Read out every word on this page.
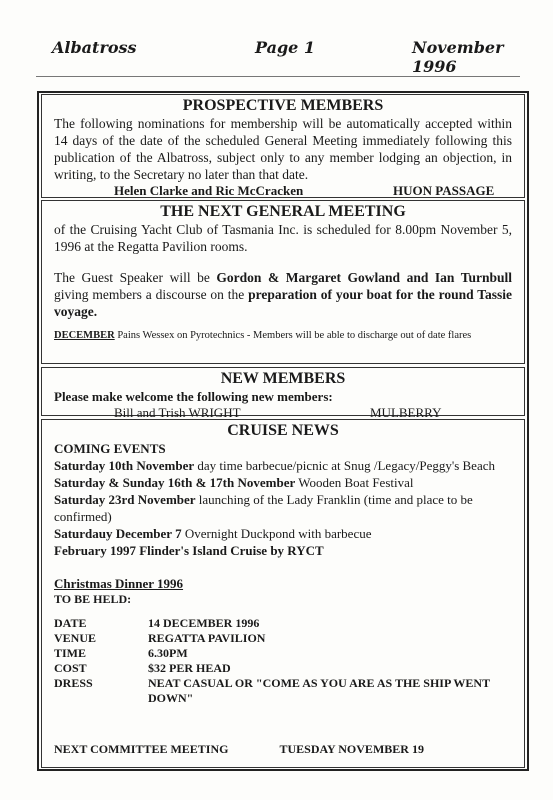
Albatross	Page 1	November 1996

PROSPECTIVE MEMBERS

The following nominations for membership will be automatically accepted within 14 days of the date of the scheduled General Meeting immediately following this publication of the Albatross, subject only to any member lodging an objection, in writing, to the Secretary no later than that date.

Helen Clarke and Ric McCracken	HUON PASSAGE

THE NEXT GENERAL MEETING

of the Cruising Yacht Club of Tasmania Inc. is scheduled for 8.00pm November 5, 1996 at the Regatta Pavilion rooms.

The Guest Speaker will be Gordon & Margaret Gowland and Ian Turnbull giving members a discourse on the preparation of your boat for the round Tassie voyage.

DECEMBER Pains Wessex on Pyrotechnics - Members will be able to discharge out of date flares

NEW MEMBERS

Please make welcome the following new members:

Bill and Trish WRIGHT	MULBERRY

CRUISE NEWS

COMING EVENTS

Saturday 10th November day time barbecue/picnic at Snug /Legacy/Peggy's Beach

Saturday & Sunday 16th & 17th November Wooden Boat Festival

Saturday 23rd November launching of the Lady Franklin (time and place to be confirmed)

Saturdauy December 7 Overnight Duckpond with barbecue

February 1997 Flinder's Island Cruise by RYCT

Christmas Dinner 1996

TO BE HELD:

DATE	14 DECEMBER 1996
VENUE	REGATTA PAVILION
TIME	6.30PM
COST	$32 PER HEAD
DRESS	NEAT CASUAL OR "COME AS YOU ARE AS THE SHIP WENT DOWN"
NEXT COMMITTEE MEETING	TUESDAY NOVEMBER 19
